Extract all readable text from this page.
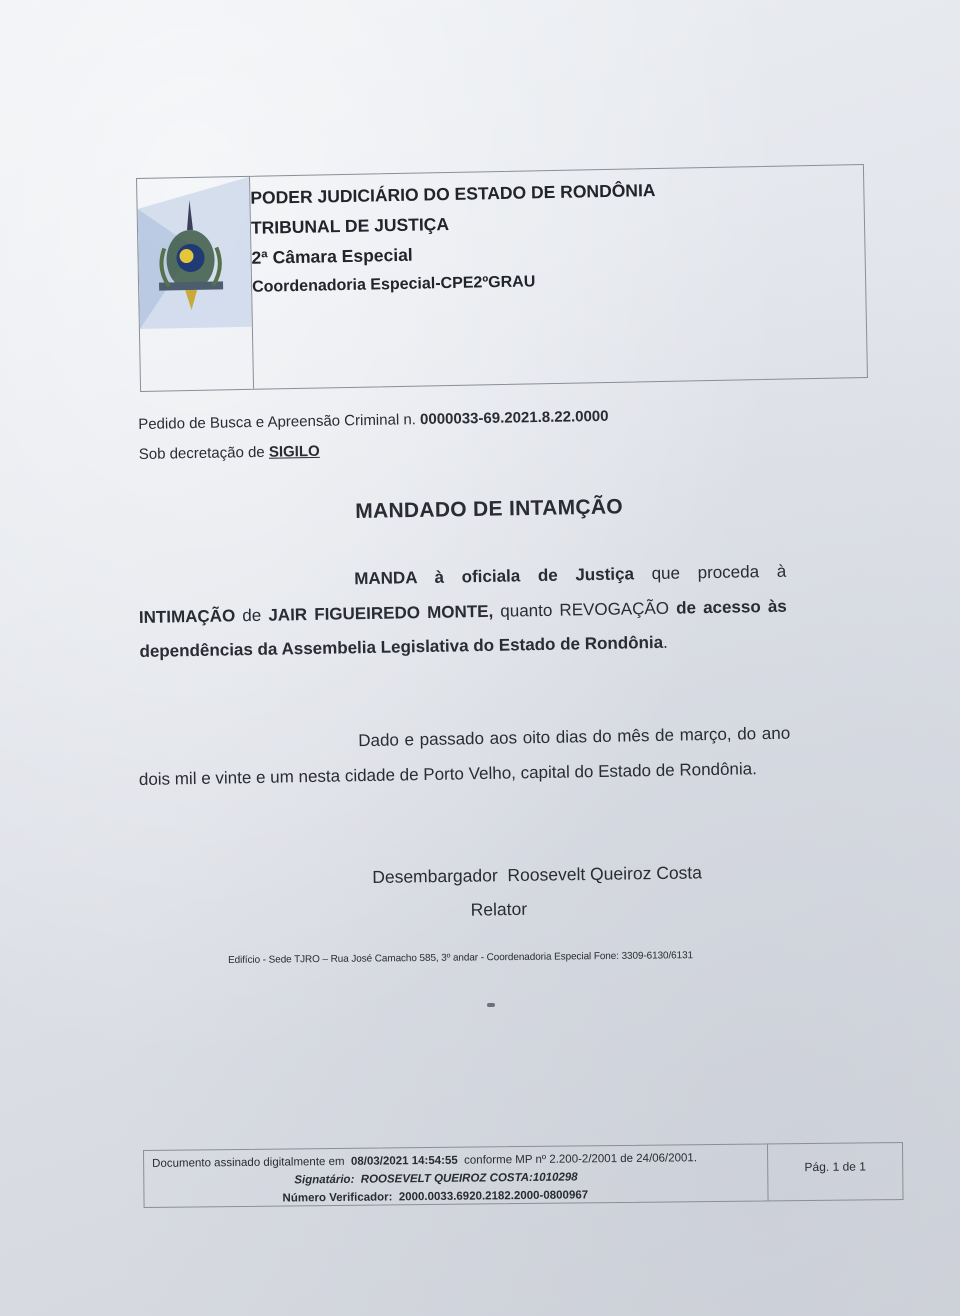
PODER JUDICIÁRIO DO ESTADO DE RONDÔNIA
TRIBUNAL DE JUSTIÇA
2ª Câmara Especial
Coordenadoria Especial-CPE2ºGRAU
Pedido de Busca e Apreensão Criminal n. 0000033-69.2021.8.22.0000
Sob decretação de SIGILO
MANDADO DE INTAMÇÃO
MANDA à oficiala de Justiça que proceda à INTIMAÇÃO de JAIR FIGUEIREDO MONTE, quanto REVOGAÇÃO de acesso às dependências da Assembelia Legislativa do Estado de Rondônia.
Dado e passado aos oito dias do mês de março, do ano dois mil e vinte e um nesta cidade de Porto Velho, capital do Estado de Rondônia.
Desembargador  Roosevelt Queiroz Costa
Relator
Edifício - Sede TJRO – Rua José Camacho 585, 3º andar - Coordenadoria Especial Fone: 3309-6130/6131
Documento assinado digitalmente em 08/03/2021 14:54:55 conforme MP nº 2.200-2/2001 de 24/06/2001.
Signatário: ROOSEVELT QUEIROZ COSTA:1010298
Número Verificador: 2000.0033.6920.2182.2000-0800967
Pág. 1 de 1
